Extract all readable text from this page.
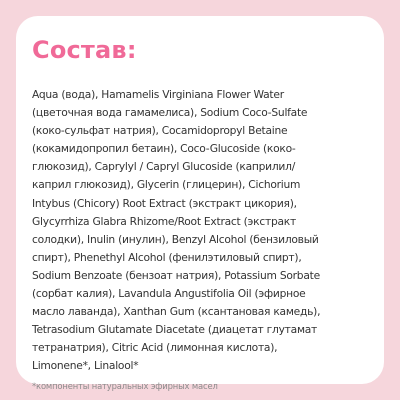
Состав:

Aqua (вода), Hamamelis Virginiana Flower Water
(цветочная вода гамамелиса), Sodium Coco-Sulfate
(коко-сульфат натрия), Cocamidopropyl Betaine
(кокамидопропил бетаин), Coco-Glucoside (коко-
глюкозид), Caprylyl / Capryl Glucoside (каприлил/
каприл глюкозид), Glycerin (глицерин), Cichorium
Intybus (Chicory) Root Extract (экстракт цикория),
Glycyrrhiza Glabra Rhizome/Root Extract (экстракт
солодки), Inulin (инулин), Benzyl Alcohol (бензиловый
спирт), Phenethyl Alcohol (фенилэтиловый спирт),
Sodium Benzoate (бензоат натрия), Potassium Sorbate
(сорбат калия), Lavandula Angustifolia Oil (эфирное
масло лаванда), Xanthan Gum (ксантановая камедь),
Tetrasodium Glutamate Diacetate (диацетат глутамат
тетранатрия), Citric Acid (лимонная кислота),
Limonene*, Linalool*

*компоненты натуральных эфирных масел
